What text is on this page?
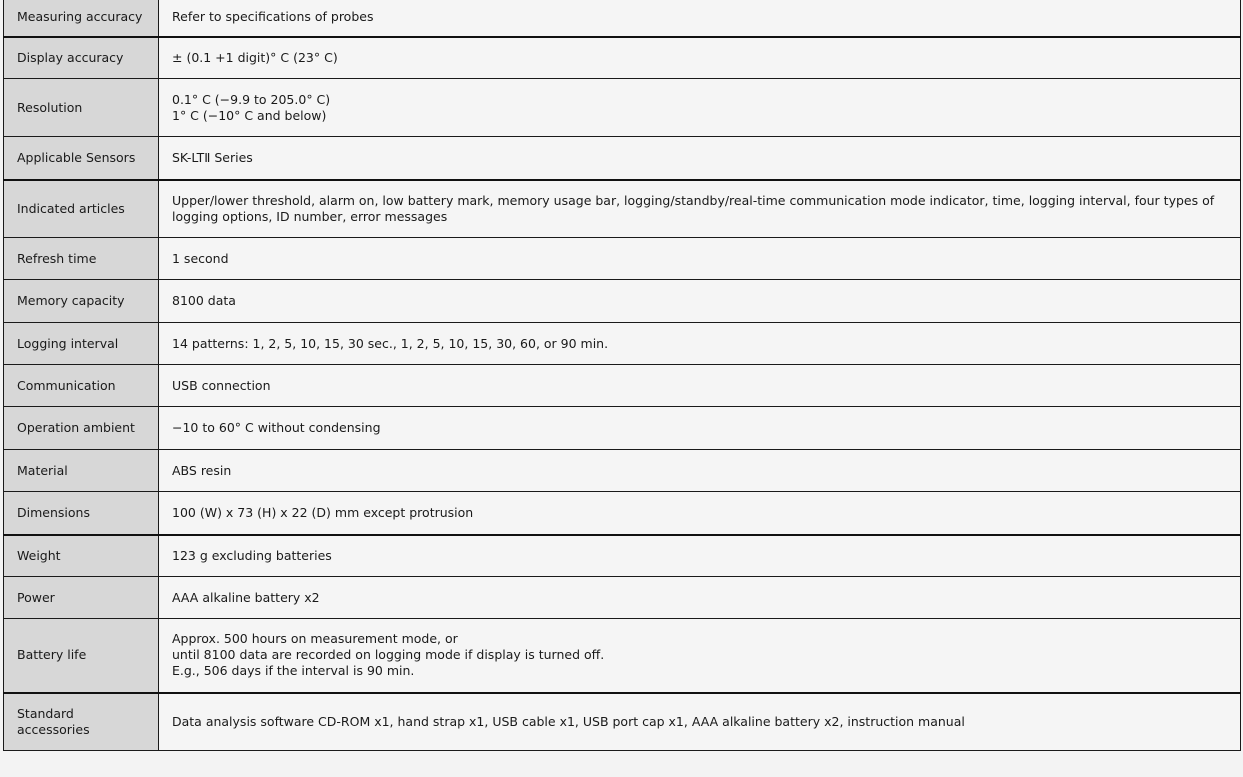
Measuring accuracy	Refer to specifications of probes

Display accuracy	± (0.1 +1 digit)° C (23° C)

Resolution	0.1° C (−9.9 to 205.0° C)
1° C (−10° C and below)

Applicable Sensors	SK-LTⅡ Series

Indicated articles	Upper/lower threshold, alarm on, low battery mark, memory usage bar, logging/standby/real-time communication mode indicator, time, logging interval, four types of logging options, ID number, error messages

Refresh time	1 second

Memory capacity	8100 data

Logging interval	14 patterns: 1, 2, 5, 10, 15, 30 sec., 1, 2, 5, 10, 15, 30, 60, or 90 min.

Communication	USB connection

Operation ambient	−10 to 60° C without condensing

Material	ABS resin

Dimensions	100 (W) x 73 (H) x 22 (D) mm except protrusion

Weight	123 g excluding batteries

Power	AAA alkaline battery x2

Battery life	Approx. 500 hours on measurement mode, or
until 8100 data are recorded on logging mode if display is turned off.
E.g., 506 days if the interval is 90 min.

Standard accessories	Data analysis software CD-ROM x1, hand strap x1, USB cable x1, USB port cap x1, AAA alkaline battery x2, instruction manual
